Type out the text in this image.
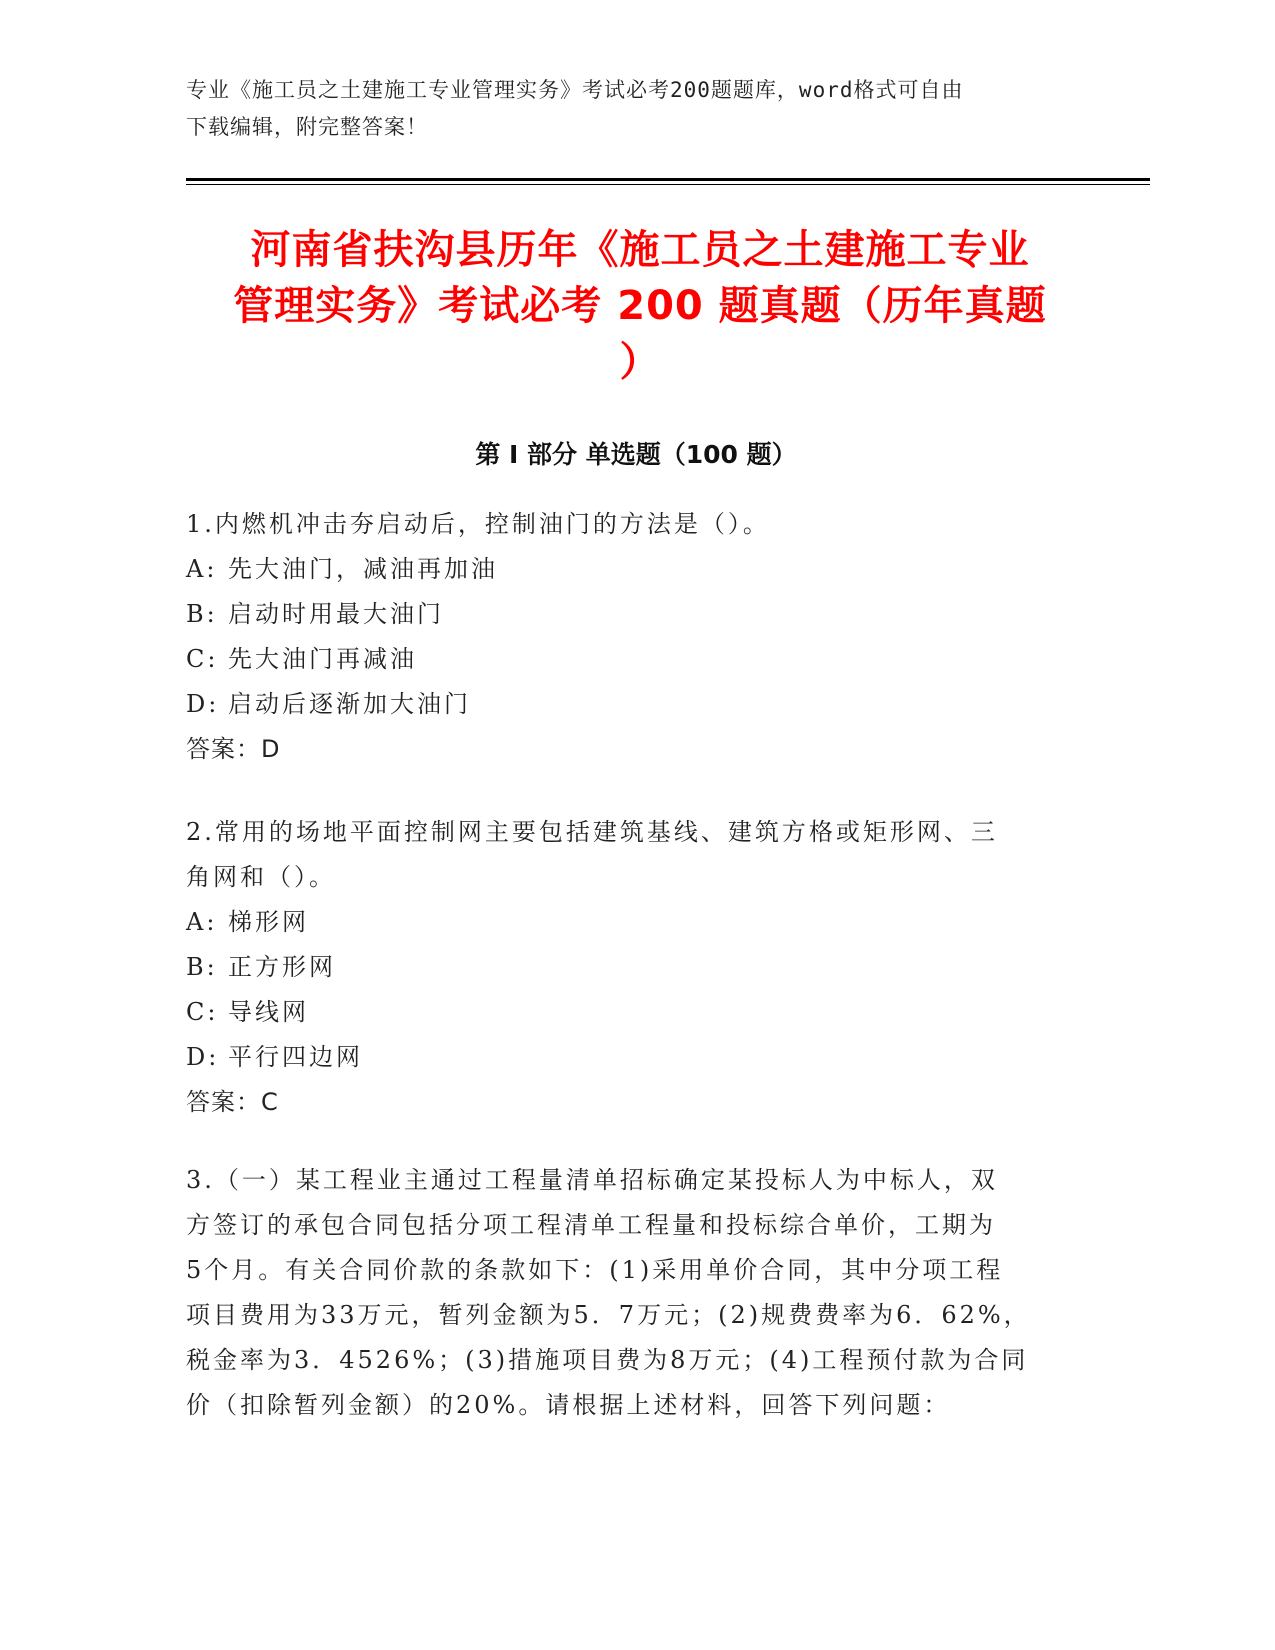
专业《施工员之土建施工专业管理实务》考试必考200题题库，word格式可自由
下载编辑，附完整答案！
河南省扶沟县历年《施工员之土建施工专业
管理实务》考试必考 200 题真题（历年真题
）
第 I 部分 单选题（100 题）
1.内燃机冲击夯启动后，控制油门的方法是（）。
A: 先大油门，减油再加油
B: 启动时用最大油门
C: 先大油门再减油
D: 启动后逐渐加大油门
答案：D
2.常用的场地平面控制网主要包括建筑基线、建筑方格或矩形网、三
角网和（）。
A: 梯形网
B: 正方形网
C: 导线网
D: 平行四边网
答案：C
3.（一）某工程业主通过工程量清单招标确定某投标人为中标人，双
方签订的承包合同包括分项工程清单工程量和投标综合单价，工期为
5个月。有关合同价款的条款如下：(1)采用单价合同，其中分项工程
项目费用为33万元，暂列金额为5．7万元；(2)规费费率为6．62%，
税金率为3．4526%；(3)措施项目费为8万元；(4)工程预付款为合同
价（扣除暂列金额）的20%。请根据上述材料，回答下列问题：
